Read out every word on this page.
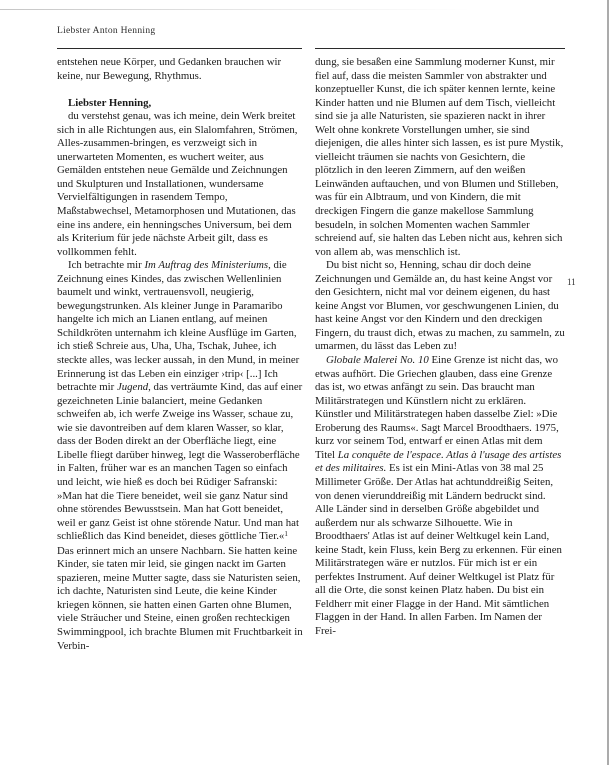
Liebster Anton Henning

entstehen neue Körper, und Gedanken brauchen wir keine, nur Bewegung, Rhythmus.

Liebster Henning,

du verstehst genau, was ich meine, dein Werk breitet sich in alle Richtungen aus, ein Slalomfahren, Strömen, Alles-zusammen-bringen, es verzweigt sich in unerwarteten Momenten, es wuchert weiter, aus Gemälden entstehen neue Gemälde und Zeichnungen und Skulpturen und Installationen, wundersame Vervielfältigungen in rasendem Tempo, Maßstabwechsel, Metamorphosen und Mutationen, das eine ins andere, ein henningsches Universum, bei dem als Kriterium für jede nächste Arbeit gilt, dass es vollkommen fehlt.

Ich betrachte mir Im Auftrag des Ministeriums, die Zeichnung eines Kindes, das zwischen Wellenlinien baumelt und winkt, vertrauensvoll, neugierig, bewegungstrunken. Als kleiner Junge in Paramaribo hangelte ich mich an Lianen entlang, auf meinen Schildkröten unternahm ich kleine Ausflüge im Garten, ich stieß Schreie aus, Uha, Uha, Tschak, Juhee, ich steckte alles, was lecker aussah, in den Mund, in meiner Erinnerung ist das Leben ein einziger ›trip‹ [...] Ich betrachte mir Jugend, das verträumte Kind, das auf einer gezeichneten Linie balanciert, meine Gedanken schweifen ab, ich werfe Zweige ins Wasser, schaue zu, wie sie davontreiben auf dem klaren Wasser, so klar, dass der Boden direkt an der Oberfläche liegt, eine Libelle fliegt darüber hinweg, legt die Wasseroberfläche in Falten, früher war es an manchen Tagen so einfach und leicht, wie hieß es doch bei Rüdiger Safranski: »Man hat die Tiere beneidet, weil sie ganz Natur sind ohne störendes Bewusstsein. Man hat Gott beneidet, weil er ganz Geist ist ohne störende Natur. Und man hat schließlich das Kind beneidet, dieses göttliche Tier.«$^1$ Das erinnert mich an unsere Nachbarn. Sie hatten keine Kinder, sie taten mir leid, sie gingen nackt im Garten spazieren, meine Mutter sagte, dass sie Naturisten seien, ich dachte, Naturisten sind Leute, die keine Kinder kriegen können, sie hatten einen Garten ohne Blumen, viele Sträucher und Steine, einen großen rechteckigen Swimmingpool, ich brachte Blumen mit Fruchtbarkeit in Verbin-

dung, sie besaßen eine Sammlung moderner Kunst, mir fiel auf, dass die meisten Sammler von abstrakter und konzeptueller Kunst, die ich später kennen lernte, keine Kinder hatten und nie Blumen auf dem Tisch, vielleicht sind sie ja alle Naturisten, sie spazieren nackt in ihrer Welt ohne konkrete Vorstellungen umher, sie sind diejenigen, die alles hinter sich lassen, es ist pure Mystik, vielleicht träumen sie nachts von Gesichtern, die plötzlich in den leeren Zimmern, auf den weißen Leinwänden auftauchen, und von Blumen und Stilleben, was für ein Albtraum, und von Kindern, die mit dreckigen Fingern die ganze makellose Sammlung besudeln, in solchen Momenten wachen Sammler schreiend auf, sie halten das Leben nicht aus, kehren sich von allem ab, was menschlich ist.

Du bist nicht so, Henning, schau dir doch deine Zeichnungen und Gemälde an, du hast keine Angst vor den Gesichtern, nicht mal vor deinem eigenen, du hast keine Angst vor Blumen, vor geschwungenen Linien, du hast keine Angst vor den Kindern und den dreckigen Fingern, du traust dich, etwas zu machen, zu sammeln, zu umarmen, du lässt das Leben zu!

Globale Malerei No. 10 Eine Grenze ist nicht das, wo etwas aufhört. Die Griechen glauben, dass eine Grenze das ist, wo etwas anfängt zu sein. Das braucht man Militärstrategen und Künstlern nicht zu erklären. Künstler und Militärstrategen haben dasselbe Ziel: »Die Eroberung des Raums«. Sagt Marcel Broodthaers. 1975, kurz vor seinem Tod, entwarf er einen Atlas mit dem Titel La conquête de l'espace. Atlas à l'usage des artistes et des militaires. Es ist ein Mini-Atlas von 38 mal 25 Millimeter Größe. Der Atlas hat achtunddreißig Seiten, von denen vierunddreißig mit Ländern bedruckt sind. Alle Länder sind in derselben Größe abgebildet und außerdem nur als schwarze Silhouette. Wie in Broodthaers' Atlas ist auf deiner Weltkugel kein Land, keine Stadt, kein Fluss, kein Berg zu erkennen. Für einen Militärstrategen wäre er nutzlos. Für mich ist er ein perfektes Instrument. Auf deiner Weltkugel ist Platz für all die Orte, die sonst keinen Platz haben. Du bist ein Feldherr mit einer Flagge in der Hand. Mit sämtlichen Flaggen in der Hand. In allen Farben. Im Namen der Frei-

11
